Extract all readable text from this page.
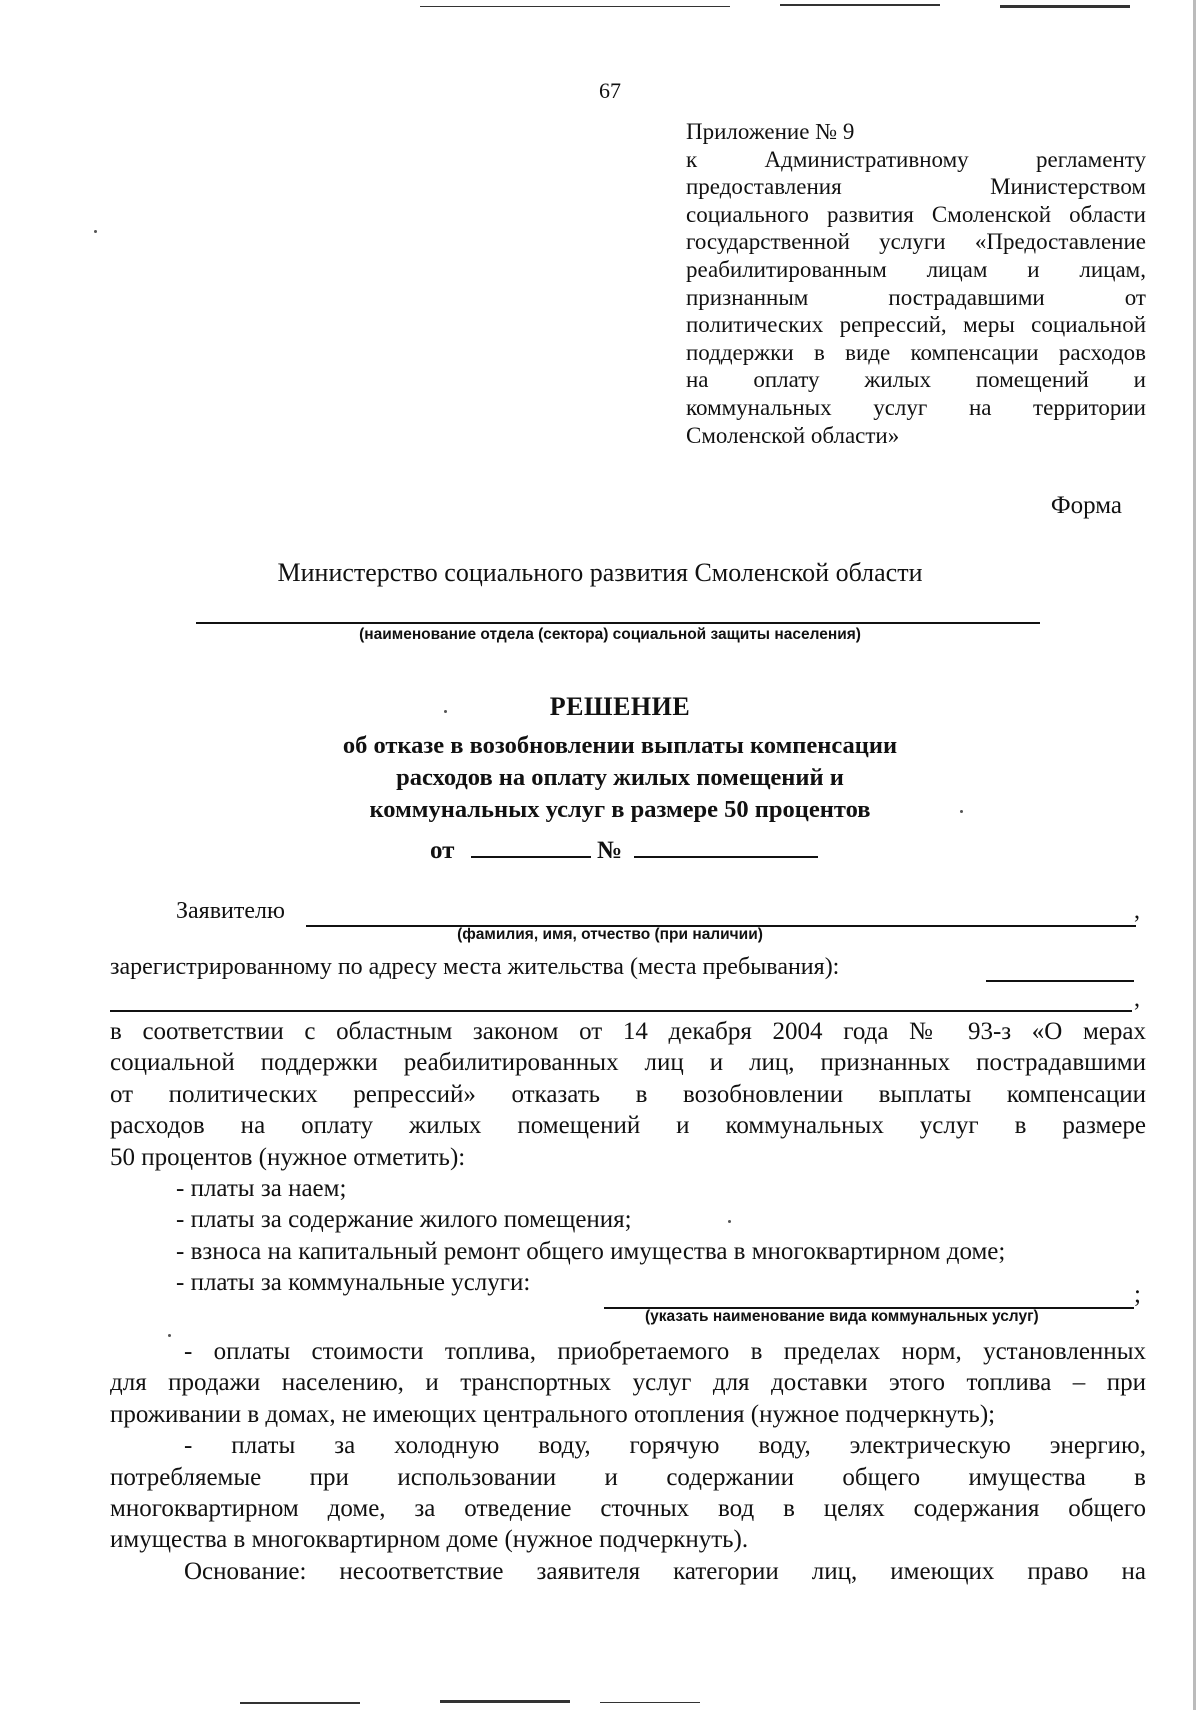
67
Приложение № 9
к Административному регламенту
предоставления Министерством
социального развития Смоленской области
государственной услуги «Предоставление
реабилитированным лицам и лицам,
признанным пострадавшими от
политических репрессий, меры социальной
поддержки в виде компенсации расходов
на оплату жилых помещений и
коммунальных услуг на территории
Смоленской области»
Форма
Министерство социального развития Смоленской области
(наименование отдела (сектора) социальной защиты населения)
РЕШЕНИЕ
об отказе в возобновлении выплаты компенсации
расходов на оплату жилых помещений и
коммунальных услуг в размере 50 процентов
от	№
Заявителю	,
(фамилия, имя, отчество (при наличии)
зарегистрированному по адресу места жительства (места пребывания):
,
в соответствии с областным законом от 14 декабря 2004 года № 93-з «О мерах
социальной поддержки реабилитированных лиц и лиц, признанных пострадавшими
от политических репрессий» отказать в возобновлении выплаты компенсации
расходов на оплату жилых помещений и коммунальных услуг в размере
50 процентов (нужное отметить):
- платы за наем;
- платы за содержание жилого помещения;
- взноса на капитальный ремонт общего имущества в многоквартирном доме;
- платы за коммунальные услуги:	;
(указать наименование вида коммунальных услуг)
- оплаты стоимости топлива, приобретаемого в пределах норм, установленных
для продажи населению, и транспортных услуг для доставки этого топлива – при
проживании в домах, не имеющих центрального отопления (нужное подчеркнуть);
- платы за холодную воду, горячую воду, электрическую энергию,
потребляемые при использовании и содержании общего имущества в
многоквартирном доме, за отведение сточных вод в целях содержания общего
имущества в многоквартирном доме (нужное подчеркнуть).
Основание: несоответствие заявителя категории лиц, имеющих право на
